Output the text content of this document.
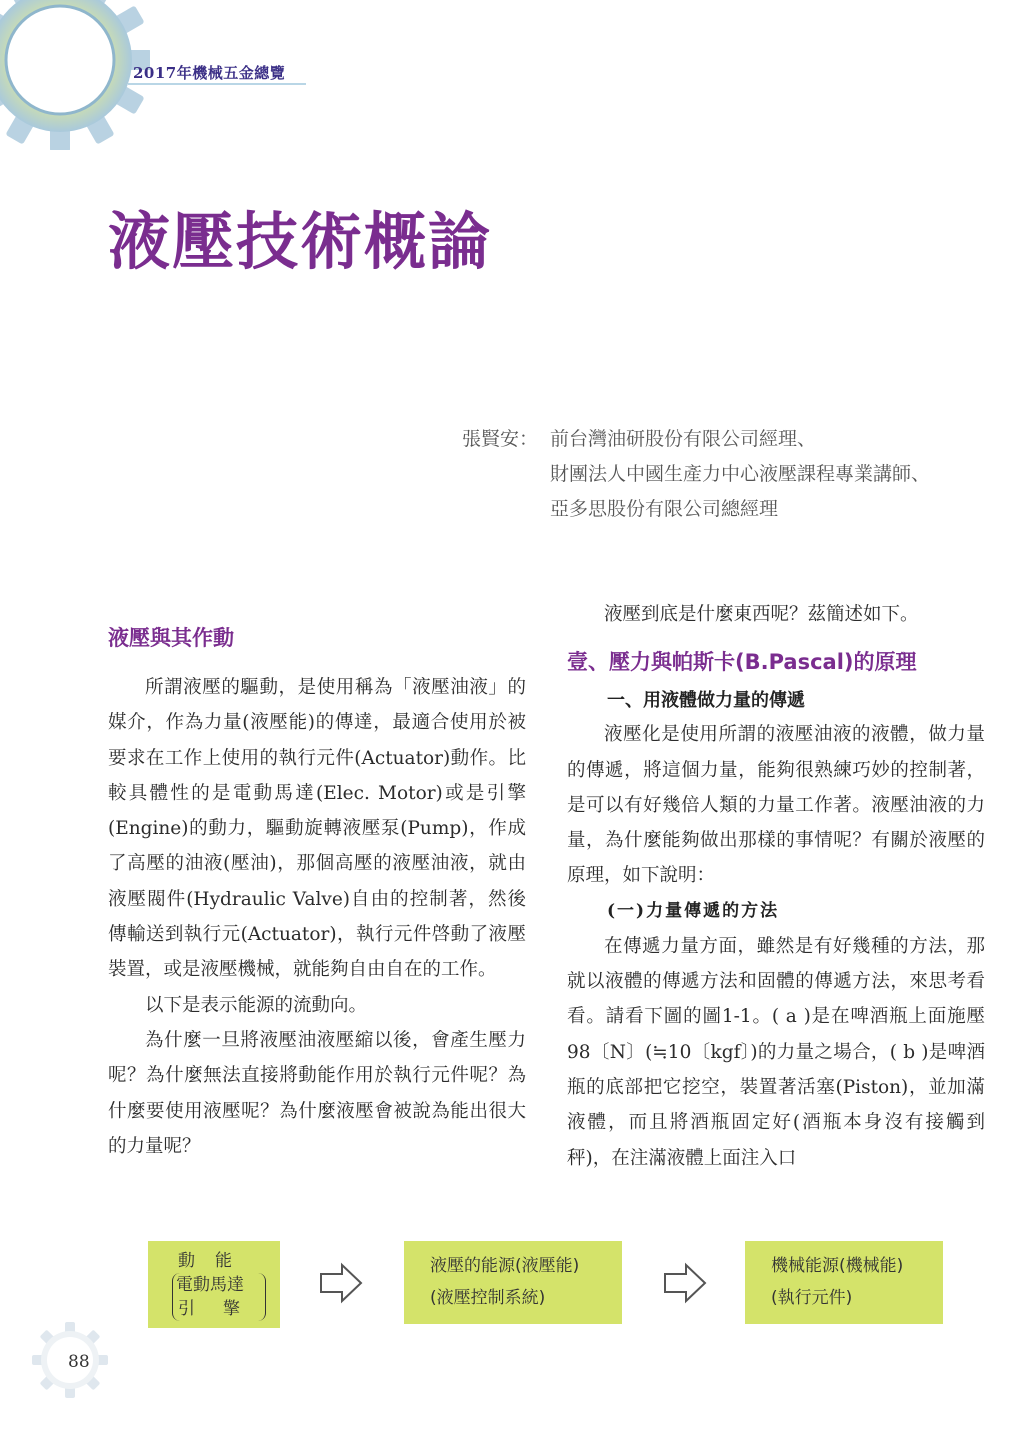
2017年機械五金總覽
液壓技術概論
張賢安： 前台灣油研股份有限公司經理、
財團法人中國生產力中心液壓課程專業講師、
亞多思股份有限公司總經理
液壓與其作動

所謂液壓的驅動，是使用稱為「液壓油液」的媒介，作為力量(液壓能)的傳達，最適合使用於被要求在工作上使用的執行元件(Actuator)動作。比較具體性的是電動馬達(Elec. Motor)或是引擎(Engine)的動力，驅動旋轉液壓泵(Pump)，作成了高壓的油液(壓油)，那個高壓的液壓油液，就由液壓閥件(Hydraulic Valve)自由的控制著，然後傳輸送到執行元(Actuator)，執行元件啓動了液壓裝置，或是液壓機械，就能夠自由自在的工作。

以下是表示能源的流動向。

為什麼一旦將液壓油液壓縮以後，會產生壓力呢？為什麼無法直接將動能作用於執行元件呢？為什麼要使用液壓呢？為什麼液壓會被說為能出很大的力量呢？

液壓到底是什麼東西呢？茲簡述如下。

壹、壓力與帕斯卡(B.Pascal)的原理
一、用液體做力量的傳遞

液壓化是使用所謂的液壓油液的液體，做力量的傳遞，將這個力量，能夠很熟練巧妙的控制著，是可以有好幾倍人類的力量工作著。液壓油液的力量，為什麼能夠做出那樣的事情呢？有關於液壓的原理，如下說明：

(一)力量傳遞的方法

在傳遞力量方面，雖然是有好幾種的方法，那就以液體的傳遞方法和固體的傳遞方法，來思考看看。請看下圖的圖1-1。( a )是在啤酒瓶上面施壓98〔N〕(≒10〔kgf〕)的力量之場合，( b )是啤酒瓶的底部把它挖空，裝置著活塞(Piston)，並加滿液體，而且將酒瓶固定好(酒瓶本身沒有接觸到秤)，在注滿液體上面注入口

動能
電動馬達
引擎
液壓的能源(液壓能)
(液壓控制系統)
機械能源(機械能)
(執行元件)
88
